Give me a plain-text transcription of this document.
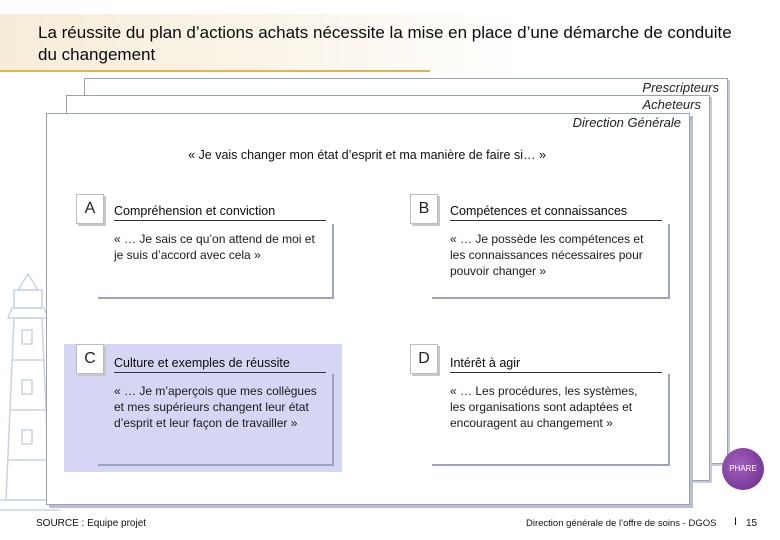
La réussite du plan d’actions achats nécessite la mise en place d’une démarche de conduite du changement
Prescripteurs
Acheteurs
Direction Générale
« Je vais changer mon état d’esprit et ma manière de faire si… »
A	Compréhension et conviction
« … Je sais ce qu’on attend de moi et je suis d’accord avec cela »
B	Compétences et connaissances
« … Je possède les compétences et les connaissances nécessaires pour pouvoir changer »
C	Culture et exemples de réussite
« … Je m’aperçois que mes collègues et mes supérieurs changent leur état d’esprit et leur façon de travailler »
D	Intérêt à agir
« … Les procédures, les systèmes, les organisations sont adaptées et encouragent au changement »
PHARE
SOURCE : Equipe projet	Direction générale de l’offre de soins - DGOS I 15
